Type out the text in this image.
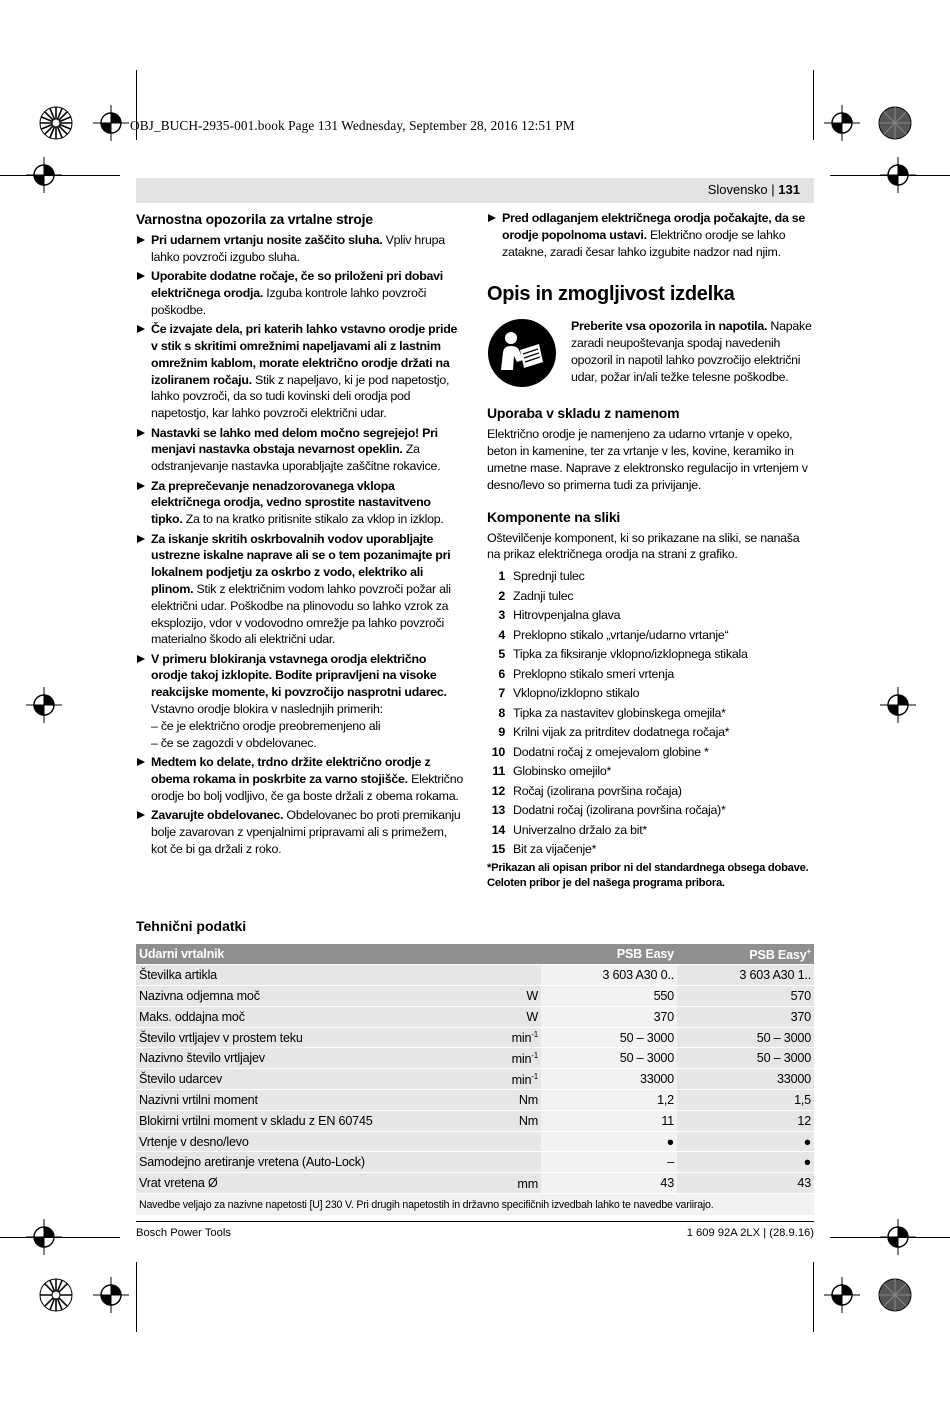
OBJ_BUCH-2935-001.book Page 131 Wednesday, September 28, 2016 12:51 PM
Slovensko | 131
Varnostna opozorila za vrtalne stroje
Pri udarnem vrtanju nosite zaščito sluha. Vpliv hrupa lahko povzroči izgubo sluha.
Uporabite dodatne ročaje, če so priloženi pri dobavi električnega orodja. Izguba kontrole lahko povzroči poškodbe.
Če izvajate dela, pri katerih lahko vstavno orodje pride v stik s skritimi omrežnimi napeljavami ali z lastnim omrežnim kablom, morate električno orodje držati na izoliranem ročaju. Stik z napeljavo, ki je pod napetostjo, lahko povzroči, da so tudi kovinski deli orodja pod napetostjo, kar lahko povzroči električni udar.
Nastavki se lahko med delom močno segrejejo! Pri menjavi nastavka obstaja nevarnost opeklin. Za odstranjevanje nastavka uporabljajte zaščitne rokavice.
Za preprečevanje nenadzorovanega vklopa električnega orodja, vedno sprostite nastavitveno tipko. Za to na kratko pritisnite stikalo za vklop in izklop.
Za iskanje skritih oskrbovalnih vodov uporabljajte ustrezne iskalne naprave ali se o tem pozanimajte pri lokalnem podjetju za oskrbo z vodo, elektriko ali plinom. Stik z električnim vodom lahko povzroči požar ali električni udar. Poškodbe na plinovodu so lahko vzrok za eksplozijo, vdor v vodovodno omrežje pa lahko povzroči materialno škodo ali električni udar.
V primeru blokiranja vstavnega orodja električno orodje takoj izklopite. Bodite pripravljeni na visoke reakcijske momente, ki povzročijo nasprotni udarec. Vstavno orodje blokira v naslednjih primerih:
– če je električno orodje preobremenjeno ali
– če se zagozdi v obdelovanec.
Medtem ko delate, trdno držite električno orodje z obema rokama in poskrbite za varno stojišče. Električno orodje bo bolj vodljivo, če ga boste držali z obema rokama.
Zavarujte obdelovanec. Obdelovanec bo proti premikanju bolje zavarovan z vpenjalnimi pripravami ali s primežem, kot če bi ga držali z roko.
Pred odlaganjem električnega orodja počakajte, da se orodje popolnoma ustavi. Električno orodje se lahko zatakne, zaradi česar lahko izgubite nadzor nad njim.
Opis in zmogljivost izdelka
Preberite vsa opozorila in napotila. Napake zaradi neupoštevanja spodaj navedenih opozoril in napotil lahko povzročijo električni udar, požar in/ali težke telesne poškodbe.
Uporaba v skladu z namenom
Električno orodje je namenjeno za udarno vrtanje v opeko, beton in kamenine, ter za vrtanje v les, kovine, keramiko in umetne mase. Naprave z elektronsko regulacijo in vrtenjem v desno/levo so primerna tudi za privijanje.
Komponente na sliki
Oštevilčenje komponent, ki so prikazane na sliki, se nanaša na prikaz električnega orodja na strani z grafiko.
1 Sprednji tulec
2 Zadnji tulec
3 Hitrovpenjalna glava
4 Preklopno stikalo „vrtanje/udarno vrtanje“
5 Tipka za fiksiranje vklopno/izklopnega stikala
6 Preklopno stikalo smeri vrtenja
7 Vklopno/izklopno stikalo
8 Tipka za nastavitev globinskega omejila*
9 Krilni vijak za pritrditev dodatnega ročaja*
10 Dodatni ročaj z omejevalom globine *
11 Globinsko omejilo*
12 Ročaj (izolirana površina ročaja)
13 Dodatni ročaj (izolirana površina ročaja)*
14 Univerzalno držalo za bit*
15 Bit za vijačenje*
*Prikazan ali opisan pribor ni del standardnega obsega dobave. Celoten pribor je del našega programa pribora.
Tehnični podatki
Udarni vrtalnik		PSB Easy	PSB Easy+
Številka artikla		3 603 A30 0..	3 603 A30 1..
Nazivna odjemna moč	W	550	570
Maks. oddajna moč	W	370	370
Število vrtljajev v prostem teku	$\min^{-1}$	50 – 3000	50 – 3000
Nazivno število vrtljajev	$\min^{-1}$	50 – 3000	50 – 3000
Število udarcev	$\min^{-1}$	33000	33000
Nazivni vrtilni moment	Nm	1,2	1,5
Blokirni vrtilni moment v skladu z EN 60745	Nm	11	12
Vrtenje v desno/levo		●	●
Samodejno aretiranje vretena (Auto-Lock)		–	●
Vrat vretena Ø	mm	43	43
Navedbe veljajo za nazivne napetosti [U] 230 V. Pri drugih napetostih in državno specifičnih izvedbah lahko te navedbe variirajo.			
Bosch Power Tools	1 609 92A 2LX | (28.9.16)
